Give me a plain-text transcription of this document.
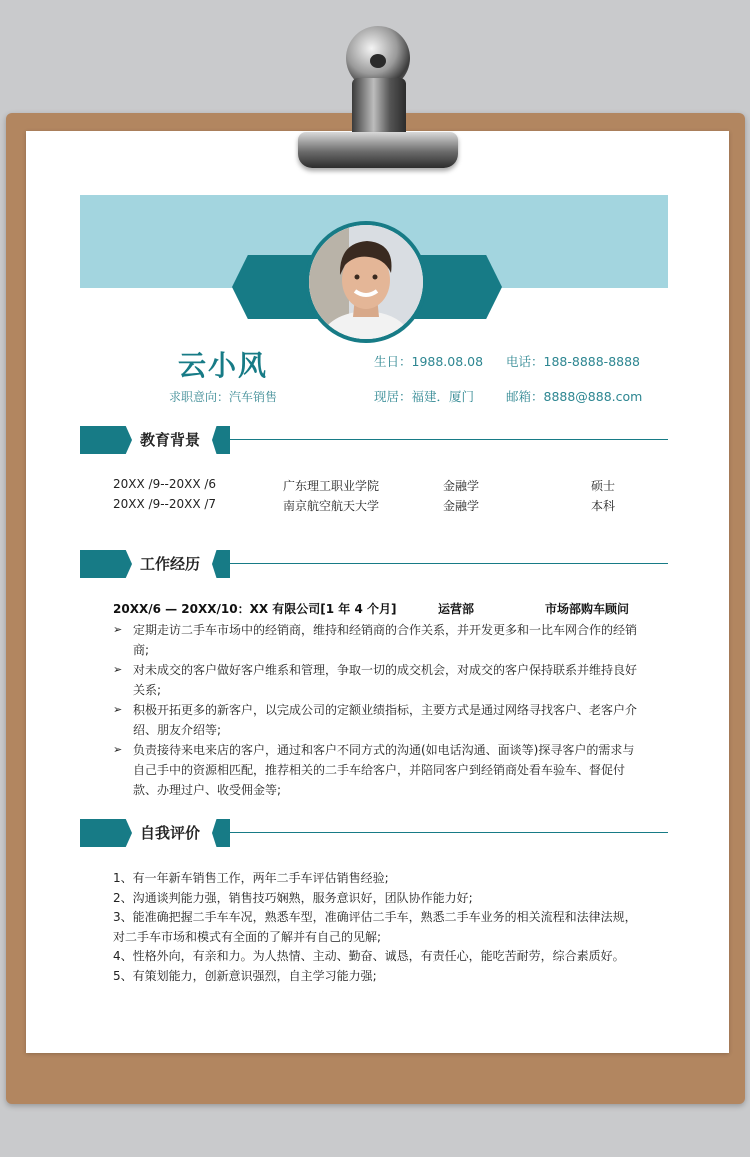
云小风
求职意向：汽车销售
生日：1988.08.08 电话：188-8888-8888
现居：福建．厦门	邮箱：8888@888.com
教育背景
20XX /9--20XX /6	广东理工职业学院	金融学	硕士
20XX /9--20XX /7	南京航空航天大学	金融学	本科
工作经历
20XX/6 — 20XX/10：XX 有限公司[1 年 4 个月]	运营部	市场部购车顾问
➢ 定期走访二手车市场中的经销商，维持和经销商的合作关系，并开发更多和一比车网合作的经销商;
➢ 对未成交的客户做好客户维系和管理，争取一切的成交机会，对成交的客户保持联系并维持良好关系;
➢ 积极开拓更多的新客户，以完成公司的定额业绩指标，主要方式是通过网络寻找客户、老客户介绍、朋友介绍等;
➢ 负责接待来电来店的客户，通过和客户不同方式的沟通(如电话沟通、面谈等)探寻客户的需求与自己手中的资源相匹配，推荐相关的二手车给客户，并陪同客户到经销商处看车验车、督促付款、办理过户、收受佣金等;
自我评价
1、有一年新车销售工作，两年二手车评估销售经验;
2、沟通谈判能力强，销售技巧娴熟，服务意识好，团队协作能力好;
3、能准确把握二手车车况，熟悉车型，准确评估二手车，熟悉二手车业务的相关流程和法律法规，对二手车市场和模式有全面的了解并有自己的见解;
4、性格外向，有亲和力。为人热情、主动、勤奋、诚恳，有责任心，能吃苦耐劳，综合素质好。
5、有策划能力，创新意识强烈，自主学习能力强;
